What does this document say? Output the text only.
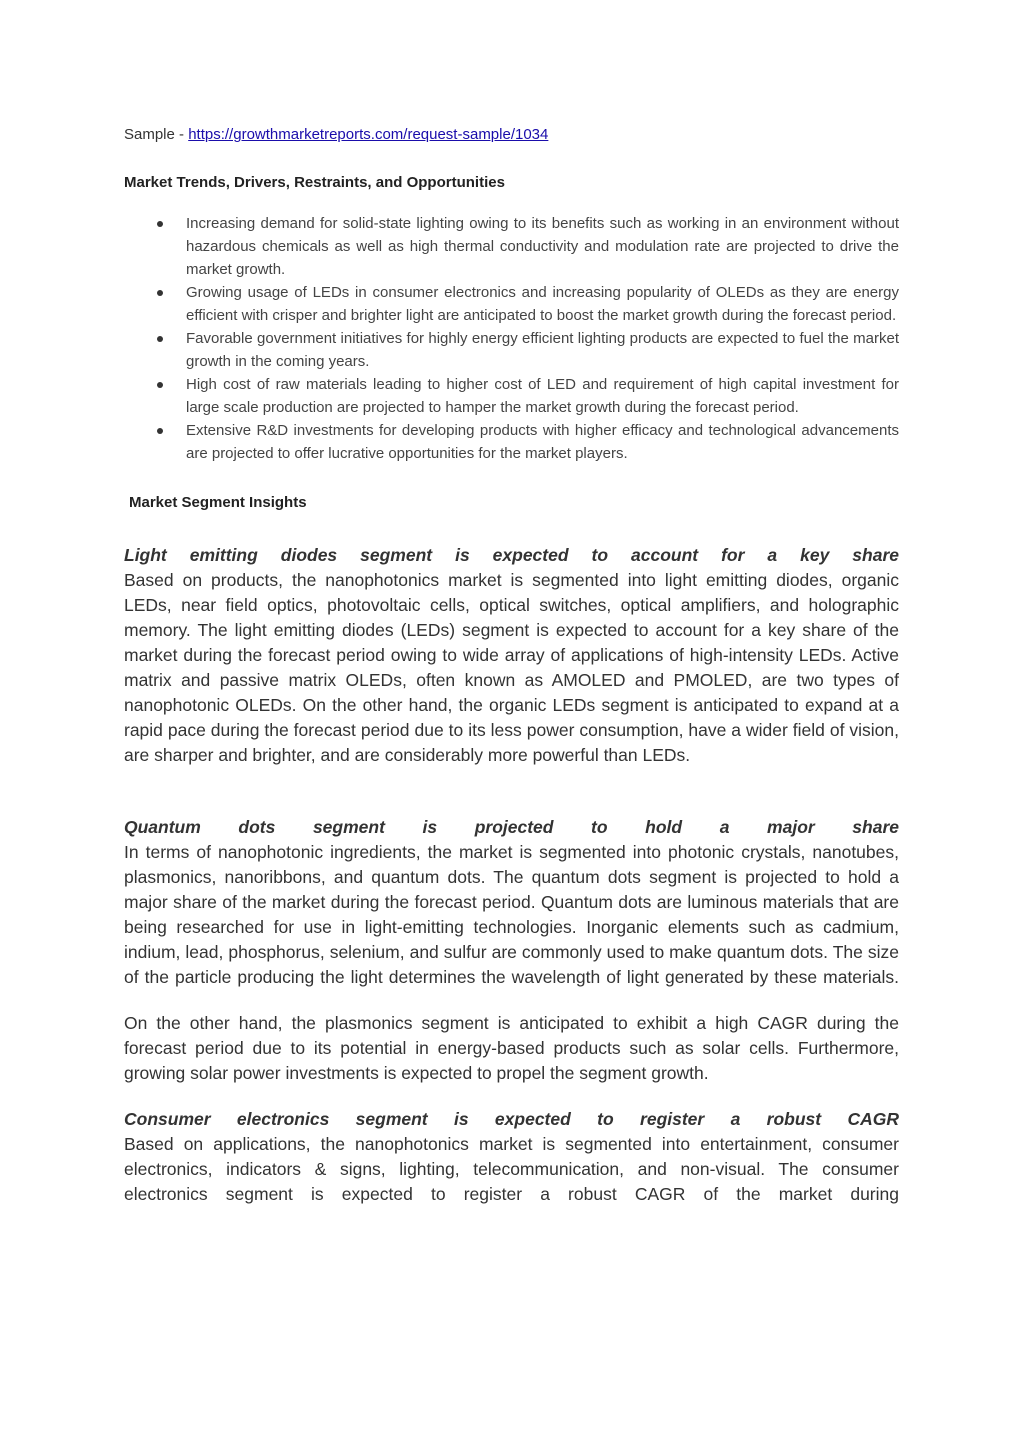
Sample - https://growthmarketreports.com/request-sample/1034

Market Trends, Drivers, Restraints, and Opportunities

Increasing demand for solid-state lighting owing to its benefits such as working in an environment without hazardous chemicals as well as high thermal conductivity and modulation rate are projected to drive the market growth.
Growing usage of LEDs in consumer electronics and increasing popularity of OLEDs as they are energy efficient with crisper and brighter light are anticipated to boost the market growth during the forecast period.
Favorable government initiatives for highly energy efficient lighting products are expected to fuel the market growth in the coming years.
High cost of raw materials leading to higher cost of LED and requirement of high capital investment for large scale production are projected to hamper the market growth during the forecast period.
Extensive R&D investments for developing products with higher efficacy and technological advancements are projected to offer lucrative opportunities for the market players.

Market Segment Insights

Light emitting diodes segment is expected to account for a key share

Based on products, the nanophotonics market is segmented into light emitting diodes, organic LEDs, near field optics, photovoltaic cells, optical switches, optical amplifiers, and holographic memory. The light emitting diodes (LEDs) segment is expected to account for a key share of the market during the forecast period owing to wide array of applications of high-intensity LEDs. Active matrix and passive matrix OLEDs, often known as AMOLED and PMOLED, are two types of nanophotonic OLEDs. On the other hand, the organic LEDs segment is anticipated to expand at a rapid pace during the forecast period due to its less power consumption, have a wider field of vision, are sharper and brighter, and are considerably more powerful than LEDs.

Quantum dots segment is projected to hold a major share

In terms of nanophotonic ingredients, the market is segmented into photonic crystals, nanotubes, plasmonics, nanoribbons, and quantum dots. The quantum dots segment is projected to hold a major share of the market during the forecast period. Quantum dots are luminous materials that are being researched for use in light-emitting technologies. Inorganic elements such as cadmium, indium, lead, phosphorus, selenium, and sulfur are commonly used to make quantum dots. The size of the particle producing the light determines the wavelength of light generated by these materials.

On the other hand, the plasmonics segment is anticipated to exhibit a high CAGR during the forecast period due to its potential in energy-based products such as solar cells. Furthermore, growing solar power investments is expected to propel the segment growth.

Consumer electronics segment is expected to register a robust CAGR

Based on applications, the nanophotonics market is segmented into entertainment, consumer electronics, indicators & signs, lighting, telecommunication, and non-visual. The consumer electronics segment is expected to register a robust CAGR of the market during
